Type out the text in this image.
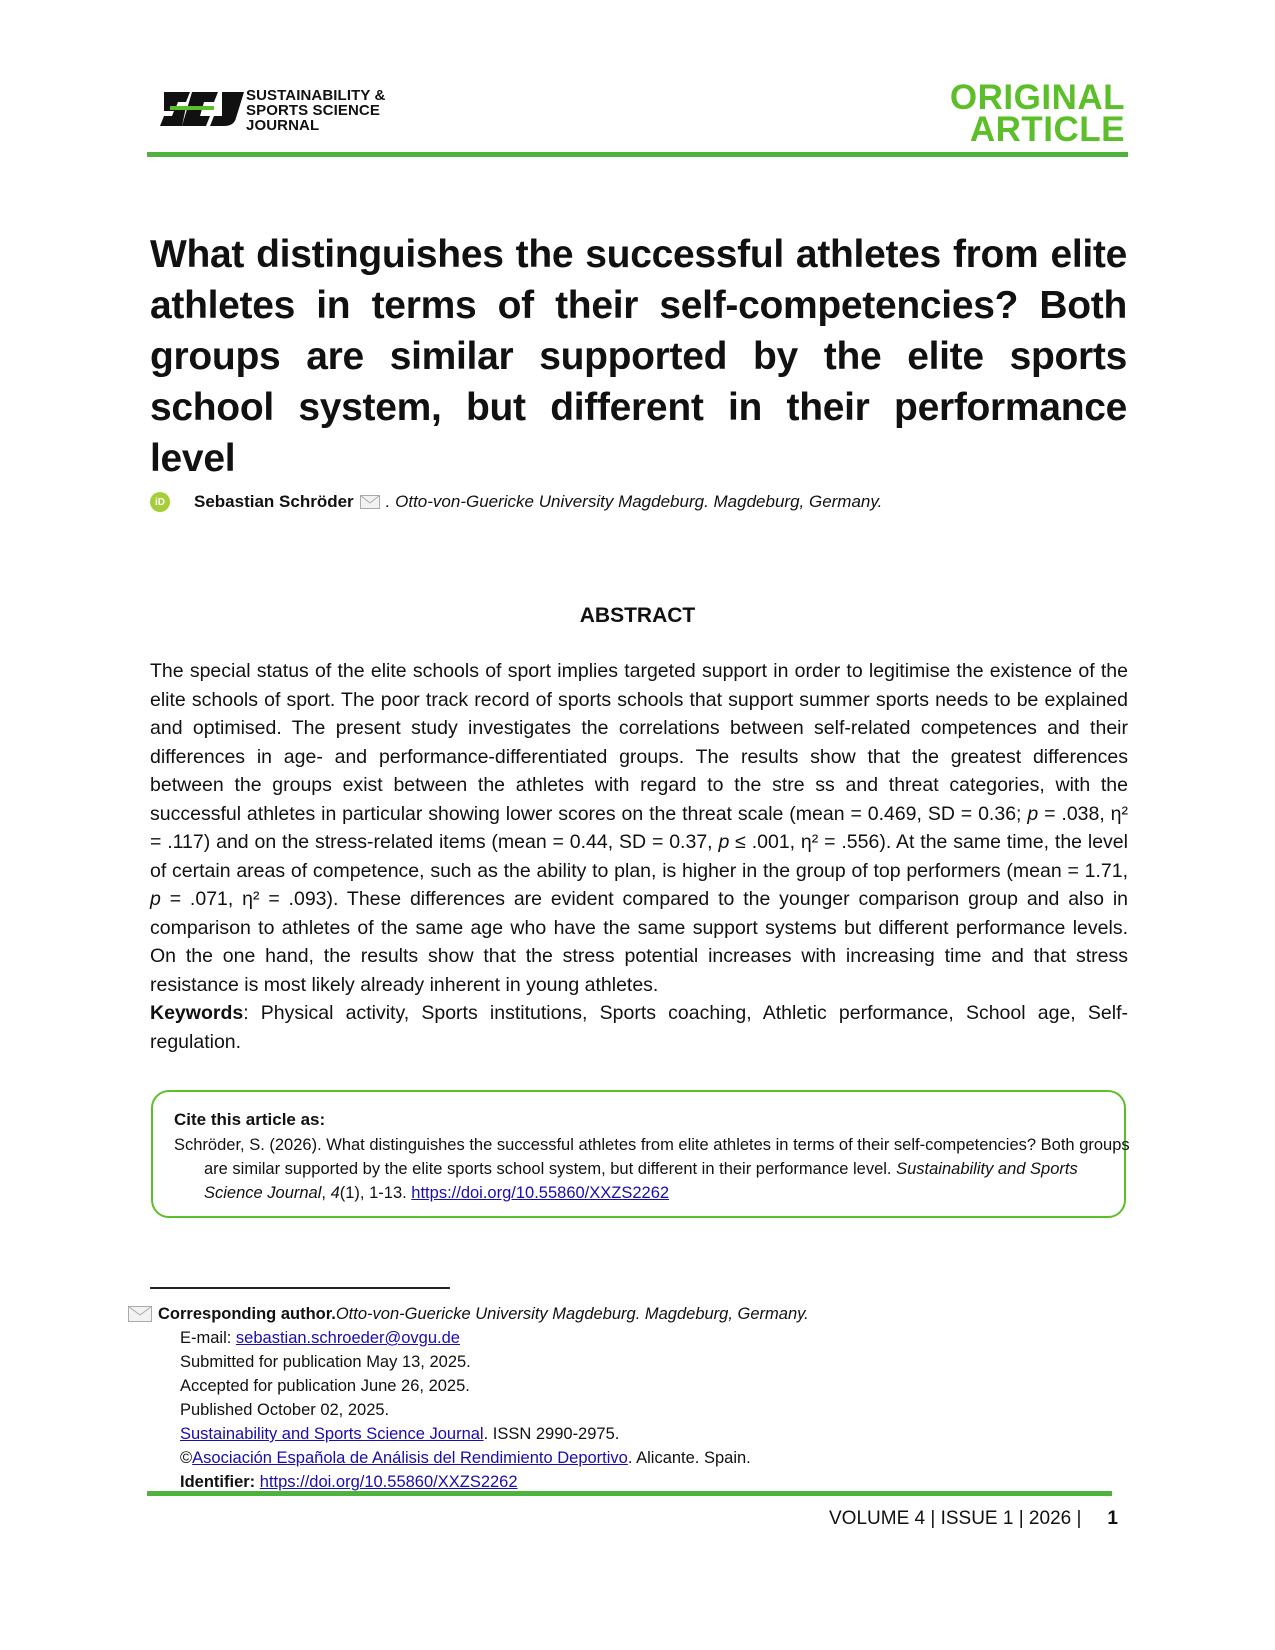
SUSTAINABILITY &
SPORTS SCIENCE
JOURNAL
ORIGINAL
ARTICLE
What distinguishes the successful athletes from elite athletes in terms of their self-competencies? Both groups are similar supported by the elite sports school system, but different in their performance level
iD Sebastian Schröder . Otto-von-Guericke University Magdeburg. Magdeburg, Germany.
ABSTRACT

The special status of the elite schools of sport implies targeted support in order to legitimise the existence of the elite schools of sport. The poor track record of sports schools that support summer sports needs to be explained and optimised. The present study investigates the correlations between self-related competences and their differences in age- and performance-differentiated groups. The results show that the greatest differences between the groups exist between the athletes with regard to the stre ss and threat categories, with the successful athletes in particular showing lower scores on the threat scale (mean = 0.469, SD = 0.36; p = .038, η² = .117) and on the stress-related items (mean = 0.44, SD = 0.37, p ≤ .001, η² = .556). At the same time, the level of certain areas of competence, such as the ability to plan, is higher in the group of top performers (mean = 1.71, p = .071, η² = .093). These differences are evident compared to the younger comparison group and also in comparison to athletes of the same age who have the same support systems but different performance levels. On the one hand, the results show that the stress potential increases with increasing time and that stress resistance is most likely already inherent in young athletes.

Keywords: Physical activity, Sports institutions, Sports coaching, Athletic performance, School age, Self-regulation.

Cite this article as:

Schröder, S. (2026). What distinguishes the successful athletes from elite athletes in terms of their self-competencies? Both groups are similar supported by the elite sports school system, but different in their performance level. Sustainability and Sports Science Journal, 4(1), 1-13. https://doi.org/10.55860/XXZS2262

Corresponding author. Otto-von-Guericke University Magdeburg. Magdeburg, Germany.
E-mail: sebastian.schroeder@ovgu.de
Submitted for publication May 13, 2025.
Accepted for publication June 26, 2025.
Published October 02, 2025.
Sustainability and Sports Science Journal. ISSN 2990-2975.
©Asociación Española de Análisis del Rendimiento Deportivo. Alicante. Spain.
Identifier: https://doi.org/10.55860/XXZS2262
VOLUME 4 | ISSUE 1 | 2026 | 1
